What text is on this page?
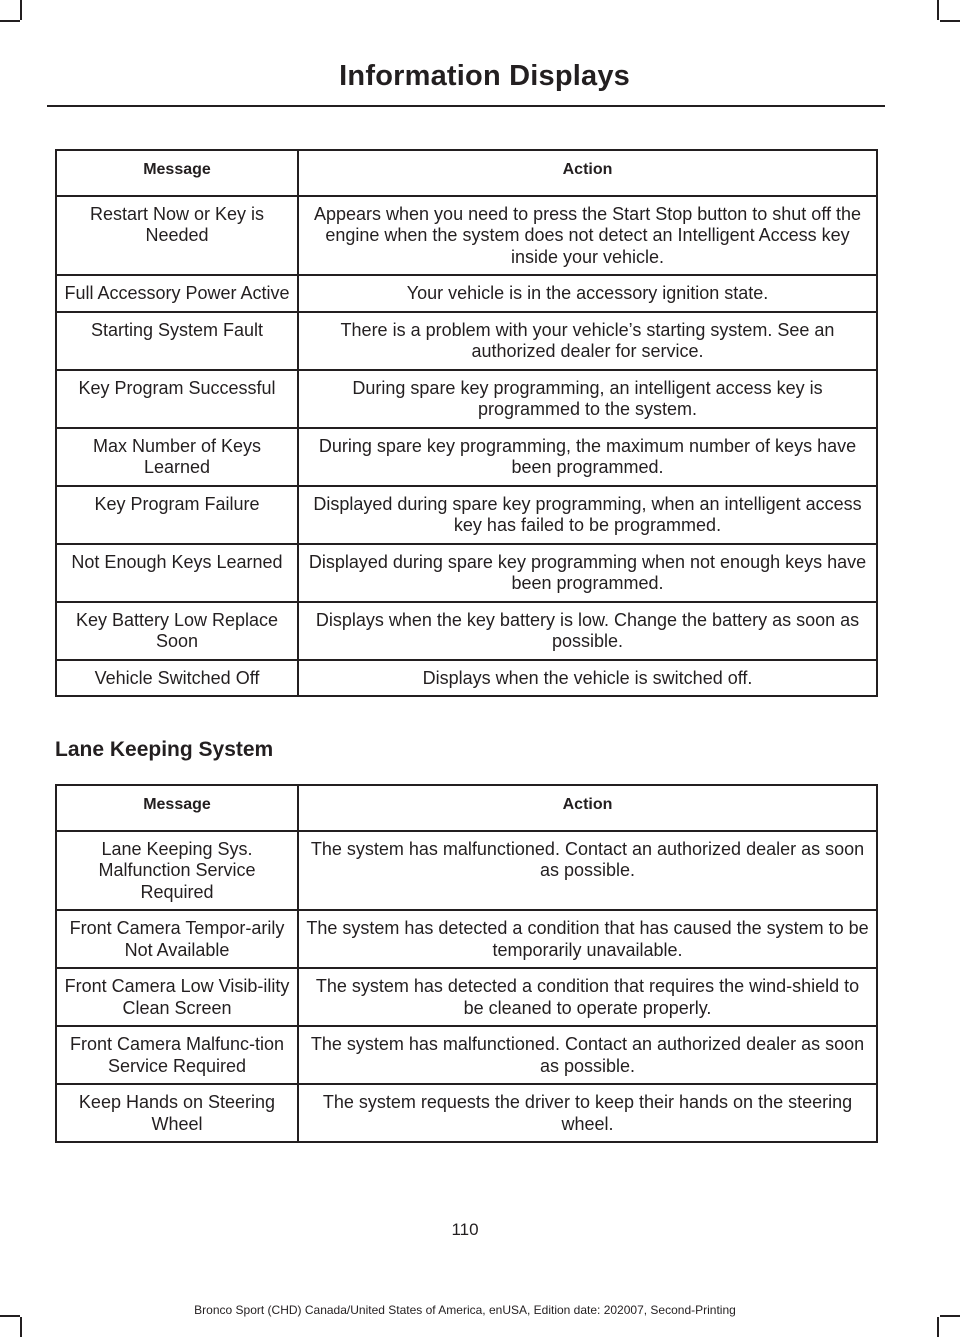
Information Displays
Message	Action
Restart Now or Key is Needed	Appears when you need to press the Start Stop button to shut off the engine when the system does not detect an Intelligent Access key inside your vehicle.
Full Accessory Power Active	Your vehicle is in the accessory ignition state.
Starting System Fault	There is a problem with your vehicle’s starting system. See an authorized dealer for service.
Key Program Successful	During spare key programming, an intelligent access key is programmed to the system.
Max Number of Keys Learned	During spare key programming, the maximum number of keys have been programmed.
Key Program Failure	Displayed during spare key programming, when an intelligent access key has failed to be programmed.
Not Enough Keys Learned	Displayed during spare key programming when not enough keys have been programmed.
Key Battery Low Replace Soon	Displays when the key battery is low. Change the battery as soon as possible.
Vehicle Switched Off	Displays when the vehicle is switched off.
Lane Keeping System
Message	Action
Lane Keeping Sys. Malfunction Service Required	The system has malfunctioned. Contact an authorized dealer as soon as possible.
Front Camera Tempor-arily Not Available	The system has detected a condition that has caused the system to be temporarily unavailable.
Front Camera Low Visib-ility Clean Screen	The system has detected a condition that requires the wind-shield to be cleaned to operate properly.
Front Camera Malfunc-tion Service Required	The system has malfunctioned. Contact an authorized dealer as soon as possible.
Keep Hands on Steering Wheel	The system requests the driver to keep their hands on the steering wheel.
110
Bronco Sport (CHD) Canada/United States of America, enUSA, Edition date: 202007, Second-Printing
